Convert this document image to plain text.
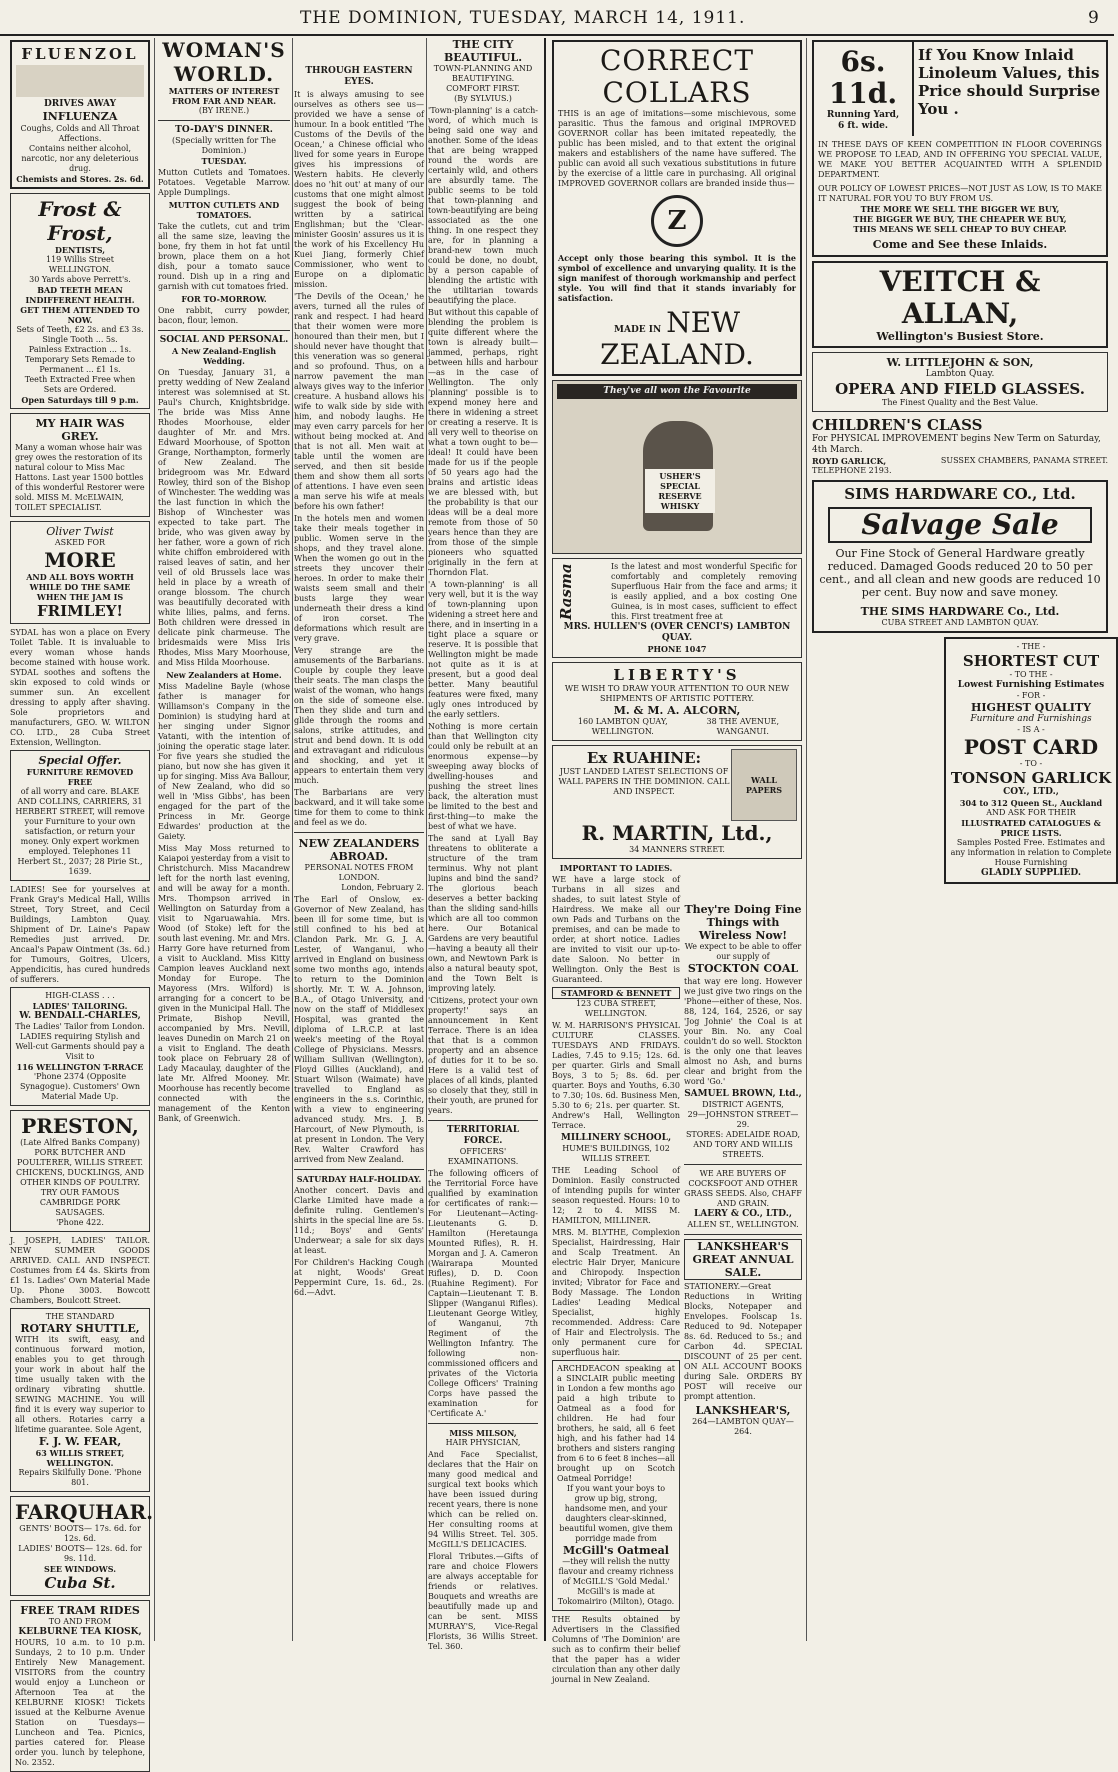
THE DOMINION, TUESDAY, MARCH 14, 1911.	9
FLUENZOL
DRIVES AWAY INFLUENZA
Coughs, Colds and All Throat Affections.
Contains neither alcohol, narcotic, nor any deleterious drug.
Chemists and Stores. 2s. 6d.
Frost & Frost,
DENTISTS,
119 Willis Street WELLINGTON.
30 Yards above Perrett's.
BAD TEETH MEAN INDIFFERENT HEALTH. GET THEM ATTENDED TO NOW.
Sets of Teeth, £2 2s. and £3 3s.
Single Tooth ... 5s.
Painless Extraction ... 1s.
Temporary Sets Remade to Permanent ... £1 1s.
Teeth Extracted Free when Sets are Ordered.
Open Saturdays till 9 p.m.
MY HAIR WAS GREY.
Many a woman whose hair was grey owes the restoration of its natural colour to Miss Mac Hattons. Last year 1500 bottles of this wonderful Restorer were sold. MISS M. McELWAIN, TOILET SPECIALIST.
Oliver Twist
ASKED FOR
MORE
AND ALL BOYS WORTH WHILE DO THE SAME WHEN THE JAM IS
FRIMLEY!
SYDAL has won a place on Every Toilet Table. It is invaluable to every woman whose hands become stained with house work. SYDAL soothes and softens the skin exposed to cold winds or summer sun. An excellent dressing to apply after shaving. Sole proprietors and manufacturers, GEO. W. WILTON CO. LTD., 28 Cuba Street Extension, Wellington.
Special Offer.
FURNITURE REMOVED FREE
of all worry and care. BLAKE AND COLLINS, CARRIERS, 31 HERBERT STREET, will remove your Furniture to your own satisfaction, or return your money. Only expert workmen employed. Telephones 11 Herbert St., 2037; 28 Pirie St., 1639.
LADIES! See for yourselves at Frank Gray's Medical Hall, Willis Street, Tory Street, and Cecil Buildings, Lambton Quay. Shipment of Dr. Laine's Papaw Remedies just arrived. Dr. Ancaal's Papaw Ointment (3s. 6d.) for Tumours, Goitres, Ulcers, Appendicitis, has cured hundreds of sufferers.
HIGH-CLASS . . .
LADIES' TAILORING.
W. BENDALL-CHARLES,
The Ladies' Tailor from London.
LADIES requiring Stylish and Well-cut Garments should pay a Visit to
116 WELLINGTON T-RRACE
'Phone 2374 (Opposite Synagogue). Customers' Own Material Made Up.
PRESTON,
(Late Alfred Banks Company)
PORK BUTCHER AND POULTERER, WILLIS STREET.
CHICKENS, DUCKLINGS, AND OTHER KINDS OF POULTRY.
TRY OUR FAMOUS CAMBRIDGE PORK SAUSAGES.
'Phone 422.
J. JOSEPH, LADIES' TAILOR. NEW SUMMER GOODS ARRIVED. CALL AND INSPECT. Costumes from £4 4s. Skirts from £1 1s. Ladies' Own Material Made Up. Phone 3003. Bowcott Chambers, Boulcott Street.
THE STANDARD
ROTARY SHUTTLE,
WITH its swift, easy, and continuous forward motion, enables you to get through your work in about half the time usually taken with the ordinary vibrating shuttle. SEWING MACHINE. You will find it is every way superior to all others. Rotaries carry a lifetime guarantee. Sole Agent,
F. J. W. FEAR,
63 WILLIS STREET, WELLINGTON.
Repairs Skilfully Done. 'Phone 801.
FARQUHAR.
GENTS' BOOTS— 17s. 6d. for 12s. 6d.
LADIES' BOOTS— 12s. 6d. for 9s. 11d.
SEE WINDOWS.
Cuba St.
FREE TRAM RIDES
TO AND FROM
KELBURNE TEA KIOSK,
HOURS, 10 a.m. to 10 p.m. Sundays, 2 to 10 p.m. Under Entirely New Management. VISITORS from the country would enjoy a Luncheon or Afternoon Tea at the KELBURNE KIOSK! Tickets issued at the Kelburne Avenue Station on Tuesdays—Luncheon and Tea. Picnics, parties catered for. Please order you. lunch by telephone, No. 2352.
WOMAN'S WORLD.
MATTERS OF INTEREST FROM FAR AND NEAR.
(BY IRENE.)
TO-DAY'S DINNER.
(Specially written for The Dominion.)
TUESDAY.
Mutton Cutlets and Tomatoes. Potatoes. Vegetable Marrow. Apple Dumplings.
MUTTON CUTLETS AND TOMATOES.
Take the cutlets, cut and trim all the same size, leaving the bone, fry them in hot fat until brown, place them on a hot dish, pour a tomato sauce round. Dish up in a ring and garnish with cut tomatoes fried.
FOR TO-MORROW.
One rabbit, curry powder, bacon, flour, lemon.
SOCIAL AND PERSONAL.
A New Zealand-English Wedding.
On Tuesday, January 31, a pretty wedding of New Zealand interest was solemnised at St. Paul's Church, Knightsbridge. The bride was Miss Anne Rhodes Moorhouse, elder daughter of Mr. and Mrs. Edward Moorhouse, of Spotton Grange, Northampton, formerly of New Zealand. The bridegroom was Mr. Edward Rowley, third son of the Bishop of Winchester. The wedding was the last function in which the Bishop of Winchester was expected to take part. The bride, who was given away by her father, wore a gown of rich white chiffon embroidered with raised leaves of satin, and her veil of old Brussels lace was held in place by a wreath of orange blossom. The church was beautifully decorated with white lilies, palms, and ferns. Both children were dressed in delicate pink charmeuse. The bridesmaids were Miss Iris Rhodes, Miss Mary Moorhouse, and Miss Hilda Moorhouse.
New Zealanders at Home.
Miss Madeline Bayle (whose father is manager for Williamson's Company in the Dominion) is studying hard at her singing under Signor Vatanti, with the intention of joining the operatic stage later. For five years she studied the piano, but now she has given it up for singing. Miss Ava Ballour, of New Zealand, who did so well in 'Miss Gibbs', has been engaged for the part of the Princess in Mr. George Edwardes' production at the Gaiety.
Miss May Moss returned to Kaiapoi yesterday from a visit to Christchurch. Miss Macandrew left for the north last evening, and will be away for a month. Mrs. Thompson arrived in Wellington on Saturday from a visit to Ngaruawahia. Mrs. Wood (of Stoke) left for the south last evening. Mr. and Mrs. Harry Gore have returned from a visit to Auckland. Miss Kitty Campion leaves Auckland next Monday for Europe. The Mayoress (Mrs. Wilford) is arranging for a concert to be given in the Municipal Hall. The Primate, Bishop Nevill, accompanied by Mrs. Nevill, leaves Dunedin on March 21 on a visit to England. The death took place on February 28 of Lady Macaulay, daughter of the late Mr. Alfred Mooney. Mr. Moorhouse has recently become connected with the management of the Kenton Bank, of Greenwich.
THROUGH EASTERN EYES.
It is always amusing to see ourselves as others see us—provided we have a sense of humour. In a book entitled 'The Customs of the Devils of the Ocean,' a Chinese official who lived for some years in Europe gives his impressions of Western habits. He cleverly does no 'hit out' at many of our customs that one might almost suggest the book of being written by a satirical Englishman; but the 'Clear-minister Goosin' assures us it is the work of his Excellency Hu Kuei Jiang, formerly Chief Commissioner, who went to Europe on a diplomatic mission.
'The Devils of the Ocean,' he avers, turned all the rules of rank and respect. I had heard that their women were more honoured than their men, but I should never have thought that this veneration was so general and so profound. Thus, on a narrow pavement the man always gives way to the inferior creature. A husband allows his wife to walk side by side with him, and nobody laughs. He may even carry parcels for her without being mocked at. And that is not all. Men wait at table until the women are served, and then sit beside them and show them all sorts of attentions. I have even seen a man serve his wife at meals before his own father!
In the hotels men and women take their meals together in public. Women serve in the shops, and they travel alone. When the women go out in the streets they uncover their heroes. In order to make their waists seem small and their busts large they wear underneath their dress a kind of iron corset. The deformations which result are very grave.
Very strange are the amusements of the Barbarians. Couple by couple they leave their seats. The man clasps the waist of the woman, who hangs on the side of someone else. Then they slide and turn and glide through the rooms and salons, strike attitudes, and strut and bend down. It is odd and extravagant and ridiculous and shocking, and yet it appears to entertain them very much.
The Barbarians are very backward, and it will take some time for them to come to think and feel as we do.
NEW ZEALANDERS ABROAD.
PERSONAL NOTES FROM LONDON.
London, February 2.
The Earl of Onslow, ex-Governor of New Zealand, has been ill for some time, but is still confined to his bed at Clandon Park. Mr. G. J. A. Lester, of Wanganui, who arrived in England on business some two months ago, intends to return to the Dominion shortly. Mr. T. W. A. Johnson, B.A., of Otago University, and now on the staff of Middlesex Hospital, was granted the diploma of L.R.C.P. at last week's meeting of the Royal College of Physicians. Messrs. William Sullivan (Wellington), Floyd Gillies (Auckland), and Stuart Wilson (Waimate) have travelled to England as engineers in the s.s. Corinthic, with a view to engineering advanced study. Mrs. J. B. Harcourt, of New Plymouth, is at present in London. The Very Rev. Walter Crawford has arrived from New Zealand.
SATURDAY HALF-HOLIDAY.
Another concert. Davis and Clarke Limited have made a definite ruling. Gentlemen's shirts in the special line are 5s. 11d.; Boys' and Gents' Underwear; a sale for six days at least.
For Children's Hacking Cough at night, Woods' Great Peppermint Cure, 1s. 6d., 2s. 6d.—Advt.
THE CITY BEAUTIFUL.
TOWN-PLANNING AND BEAUTIFYING.
COMFORT FIRST.
(By SYLVIUS.)
'Town-planning' is a catch-word, of which much is being said one way and another. Some of the ideas that are being wrapped round the words are certainly wild, and others are absurdly tame. The public seems to be told that town-planning and town-beautifying are being associated as the one thing. In one respect they are, for in planning a brand-new town much could be done, no doubt, by a person capable of blending the artistic with the utilitarian towards beautifying the place.
But without this capable of blending the problem is quite different where the town is already built—jammed, perhaps, right between hills and harbour—as in the case of Wellington. The only 'planning' possible is to expend money here and there in widening a street or creating a reserve. It is all very well to theorise on what a town ought to be—ideal! It could have been made for us if the people of 50 years ago had the brains and artistic ideas we are blessed with, but the probability is that our ideas will be a deal more remote from those of 50 years hence than they are from those of the simple pioneers who squatted originally in the fern at Thorndon Flat.
'A town-planning' is all very well, but it is the way of town-planning upon widening a street here and there, and in inserting in a tight place a square or reserve. It is possible that Wellington might be made not quite as it is at present, but a good deal better. Many beautiful features were fixed, many ugly ones introduced by the early settlers.
Nothing is more certain than that Wellington city could only be rebuilt at an enormous expense—by sweeping away blocks of dwelling-houses and pushing the street lines back, the alteration must be limited to the best and first-thing—to make the best of what we have.
The sand at Lyall Bay threatens to obliterate a structure of the tram terminus. Why not plant lupins and bind the sand? The glorious beach deserves a better backing than the sliding sand-hills which are all too common here. Our Botanical Gardens are very beautiful—having a beauty all their own, and Newtown Park is also a natural beauty spot, and the Town Belt is improving lately.
'Citizens, protect your own property!' says an announcement in Kent Terrace. There is an idea that that is a common property and an absence of duties for it to be so. Here is a valid test of places of all kinds, planted so closely that they, still in their youth, are pruned for years.
TERRITORIAL FORCE.
OFFICERS' EXAMINATIONS.
The following officers of the Territorial Force have qualified by examination for certificates of rank:— For Lieutenant—Acting-Lieutenants G. D. Hamilton (Heretaunga Mounted Rifles), R. H. Morgan and J. A. Cameron (Wairarapa Mounted Rifles), D. D. Coon (Ruahine Regiment). For Captain—Lieutenant T. B. Slipper (Wanganui Rifles). Lieutenant George Witley, of Wanganui, 7th Regiment of the Wellington Infantry. The following non-commissioned officers and privates of the Victoria College Officers' Training Corps have passed the examination for 'Certificate A.'
MISS MILSON,
HAIR PHYSICIAN,
And Face Specialist, declares that the Hair on many good medical and surgical text books which have been issued during recent years, there is none which can be relied on. Her consulting rooms at 94 Willis Street. Tel. 305. McGILL'S DELICACIES.
Floral Tributes.—Gifts of rare and choice Flowers are always acceptable for friends or relatives. Bouquets and wreaths are beautifully made up and can be sent. MISS MURRAY'S, Vice-Regal Florists, 36 Willis Street. Tel. 360.
CORRECT COLLARS
THIS is an age of imitations—some mischievous, some parasitic. Thus the famous and original IMPROVED GOVERNOR collar has been imitated repeatedly, the public has been misled, and to that extent the original makers and establishers of the name have suffered. The public can avoid all such vexatious substitutions in future by the exercise of a little care in purchasing. All original IMPROVED GOVERNOR collars are branded inside thus—
Z
Accept only those bearing this symbol. It is the symbol of excellence and unvarying quality. It is the sign manifest of thorough workmanship and perfect style. You will find that it stands invariably for satisfaction.
MADE IN NEW ZEALAND.
They've all won the Favourite
USHER'S SPECIAL RESERVE WHISKY
Rasma	Is the latest and most wonderful Specific for comfortably and completely removing Superfluous Hair from the face and arms; it is easily applied, and a box costing One Guinea, is in most cases, sufficient to effect this. First treatment free at
MRS. HULLEN'S (OVER CENCI'S) LAMBTON QUAY.
PHONE 1047
LIBERTY'S
WE WISH TO DRAW YOUR ATTENTION TO OUR NEW SHIPMENTS OF ARTISTIC POTTERY.
M. & M. A. ALCORN,
160 LAMBTON QUAY, WELLINGTON.
38 THE AVENUE, WANGANUI.
Ex RUAHINE:
JUST LANDED LATEST SELECTIONS OF WALL PAPERS IN THE DOMINION. CALL AND INSPECT.
WALL PAPERS
R. MARTIN, Ltd.,
34 MANNERS STREET.
IMPORTANT TO LADIES.
WE have a large stock of Turbans in all sizes and shades, to suit latest Style of Hairdress. We make all our own Pads and Turbans on the premises, and can be made to order, at short notice. Ladies are invited to visit our up-to-date Saloon. No better in Wellington. Only the Best is Guaranteed.
STAMFORD & BENNETT
123 CUBA STREET, WELLINGTON.
W. M. HARRISON'S PHYSICAL CULTURE CLASSES. TUESDAYS AND FRIDAYS. Ladies, 7.45 to 9.15; 12s. 6d. per quarter. Girls and Small Boys, 3 to 5; 8s. 6d. per quarter. Boys and Youths, 6.30 to 7.30; 10s. 6d. Business Men, 5.30 to 6; 21s. per quarter. St. Andrew's Hall, Wellington Terrace.
MILLINERY SCHOOL,
HUME'S BUILDINGS, 102 WILLIS STREET.
THE Leading School of Dominion. Easily constructed of intending pupils for winter season requested. Hours: 10 to 12; 2 to 4. MISS M. HAMILTON, MILLINER.
MRS. M. BLYTHE, Complexion Specialist, Hairdressing, Hair and Scalp Treatment. An electric Hair Dryer, Manicure and Chiropody. Inspection invited; Vibrator for Face and Body Massage. The London Ladies' Leading Medical Specialist, highly recommended. Address: Care of Hair and Electrolysis. The only permanent cure for superfluous hair.
ARCHDEACON speaking at a SINCLAIR public meeting in London a few months ago paid a high tribute to Oatmeal as a food for children. He had four brothers, he said, all 6 feet high, and his father had 14 brothers and sisters ranging from 6 to 6 feet 8 inches—all brought up on Scotch Oatmeal Porridge!
If you want your boys to grow up big, strong, handsome men, and your daughters clear-skinned, beautiful women, give them porridge made from
McGill's Oatmeal
—they will relish the nutty flavour and creamy richness of McGILL'S 'Gold Medal.' McGill's is made at Tokomairiro (Milton), Otago.
THE Results obtained by Advertisers in the Classified Columns of 'The Dominion' are such as to confirm their belief that the paper has a wider circulation than any other daily journal in New Zealand.
They're Doing Fine Things with Wireless Now!
We expect to be able to offer our supply of
STOCKTON COAL
that way ere long. However we just give two rings on the 'Phone—either of these, Nos. 88, 124, 164, 2526, or say 'Jog Johnie' the Coal is at your Bin. No. any Coal couldn't do so well. Stockton is the only one that leaves almost no Ash, and burns clear and bright from the word 'Go.'
SAMUEL BROWN, Ltd.,
DISTRICT AGENTS,
29—JOHNSTON STREET—29.
STORES: ADELAIDE ROAD, AND TORY AND WILLIS STREETS.
WE ARE BUYERS OF COCKSFOOT AND OTHER GRASS SEEDS. Also, CHAFF AND GRAIN.
LAERY & CO., LTD.,
ALLEN ST., WELLINGTON.
LANKSHEAR'S GREAT ANNUAL SALE.
STATIONERY.—Great Reductions in Writing Blocks, Notepaper and Envelopes. Foolscap 1s. Reduced to 9d. Notepaper 8s. 6d. Reduced to 5s.; and Carbon 4d. SPECIAL DISCOUNT of 25 per cent. ON ALL ACCOUNT BOOKS during Sale. ORDERS BY POST will receive our prompt attention.
LANKSHEAR'S,
264—LAMBTON QUAY—264.
6s. 11d.
Running Yard,
6 ft. wide.
If You Know Inlaid Linoleum Values, this Price should Surprise You .
IN THESE DAYS OF KEEN COMPETITION IN FLOOR COVERINGS WE PROPOSE TO LEAD, AND IN OFFERING YOU SPECIAL VALUE, WE MAKE YOU BETTER ACQUAINTED WITH A SPLENDID DEPARTMENT.
OUR POLICY OF LOWEST PRICES—NOT JUST AS LOW, IS TO MAKE IT NATURAL FOR YOU TO BUY FROM US.
THE MORE WE SELL THE BIGGER WE BUY,
THE BIGGER WE BUY, THE CHEAPER WE BUY,
THIS MEANS WE SELL CHEAP TO BUY CHEAP.
Come and See these Inlaids.
VEITCH & ALLAN,
Wellington's Busiest Store.
W. LITTLEJOHN & SON,
Lambton Quay.
OPERA AND FIELD GLASSES.
The Finest Quality and the Best Value.
CHILDREN'S CLASS
For PHYSICAL IMPROVEMENT begins New Term on Saturday, 4th March.
ROYD GARLICK,	SUSSEX CHAMBERS, PANAMA STREET.
TELEPHONE 2193.
SIMS HARDWARE CO., Ltd.
Salvage Sale
Our Fine Stock of General Hardware greatly reduced. Damaged Goods reduced 20 to 50 per cent., and all clean and new goods are reduced 10 per cent. Buy now and save money.
THE SIMS HARDWARE Co., Ltd.
CUBA STREET AND LAMBTON QUAY.
- THE -
SHORTEST CUT
- TO THE -
Lowest Furnishing Estimates
- FOR -
HIGHEST QUALITY
Furniture and Furnishings
- IS A -
POST CARD
- TO -
TONSON GARLICK
COY., LTD.,
304 to 312 Queen St., Auckland
AND ASK FOR THEIR
ILLUSTRATED CATALOGUES & PRICE LISTS.
Samples Posted Free. Estimates and any information in relation to Complete House Furnishing
GLADLY SUPPLIED.
